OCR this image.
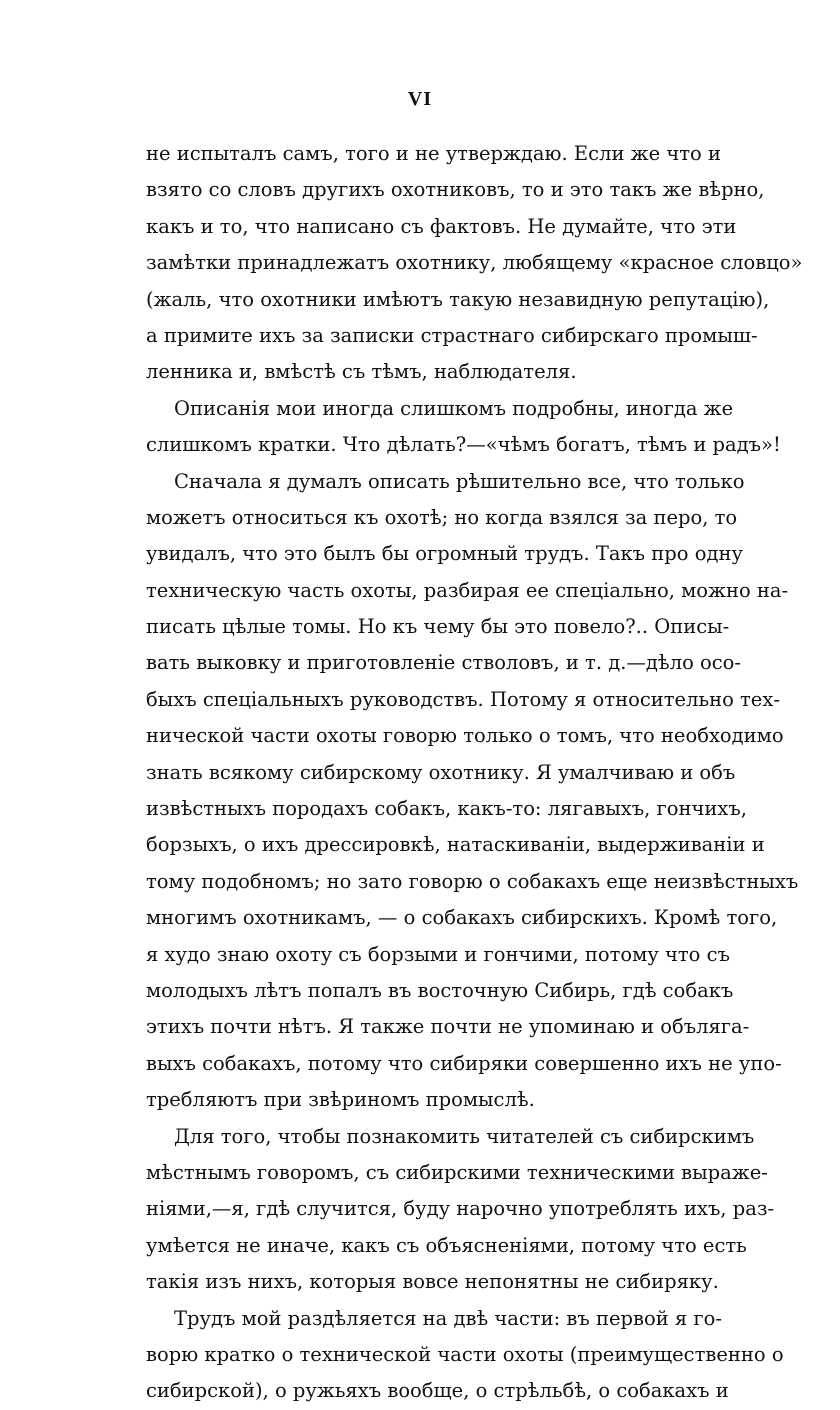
VI
не испыталъ самъ, того и не утверждаю. Если же что и
взято со словъ другихъ охотниковъ, то и это такъ же вѣрно,
какъ и то, что написано съ фактовъ. Не думайте, что эти
замѣтки принадлежатъ охотнику, любящему «красное словцо»
(жаль, что охотники имѣютъ такую незавидную репутацію),
а примите ихъ за записки страстнаго сибирскаго промыш-
ленника и, вмѣстѣ съ тѣмъ, наблюдателя.
Описанія мои иногда слишкомъ подробны, иногда же
слишкомъ кратки. Что дѣлать?—«чѣмъ богатъ, тѣмъ и радъ»!
Сначала я думалъ описать рѣшительно все, что только
можетъ относиться къ охотѣ; но когда взялся за перо, то
увидалъ, что это былъ бы огромный трудъ. Такъ про одну
техническую часть охоты, разбирая ее спеціально, можно на-
писать цѣлые томы. Но къ чему бы это повело?.. Описы-
вать выковку и приготовленіе стволовъ, и т. д.—дѣло осо-
быхъ спеціальныхъ руководствъ. Потому я относительно тех-
нической части охоты говорю только о томъ, что необходимо
знать всякому сибирскому охотнику. Я умалчиваю и объ
извѣстныхъ породахъ собакъ, какъ-то: лягавыхъ, гончихъ,
борзыхъ, о ихъ дрессировкѣ, натаскиваніи, выдерживаніи и
тому подобномъ; но зато говорю о собакахъ еще неизвѣстныхъ
многимъ охотникамъ, — о собакахъ сибирскихъ. Кромѣ того,
я худо знаю охоту съ борзыми и гончими, потому что съ
молодыхъ лѣтъ попалъ въ восточную Сибирь, гдѣ собакъ
этихъ почти нѣтъ. Я также почти не упоминаю и объляга-
выхъ собакахъ, потому что сибиряки совершенно ихъ не упо-
требляютъ при звѣриномъ промыслѣ.
Для того, чтобы познакомить читателей съ сибирскимъ
мѣстнымъ говоромъ, съ сибирскими техническими выраже-
ніями,—я, гдѣ случится, буду нарочно употреблять ихъ, раз-
умѣется не иначе, какъ съ объясненіями, потому что есть
такія изъ нихъ, которыя вовсе непонятны не сибиряку.
Трудъ мой раздѣляется на двѣ части: въ первой я го-
ворю кратко о технической части охоты (преимущественно о
сибирской), о ружьяхъ вообще, о стрѣльбѣ, о собакахъ и
